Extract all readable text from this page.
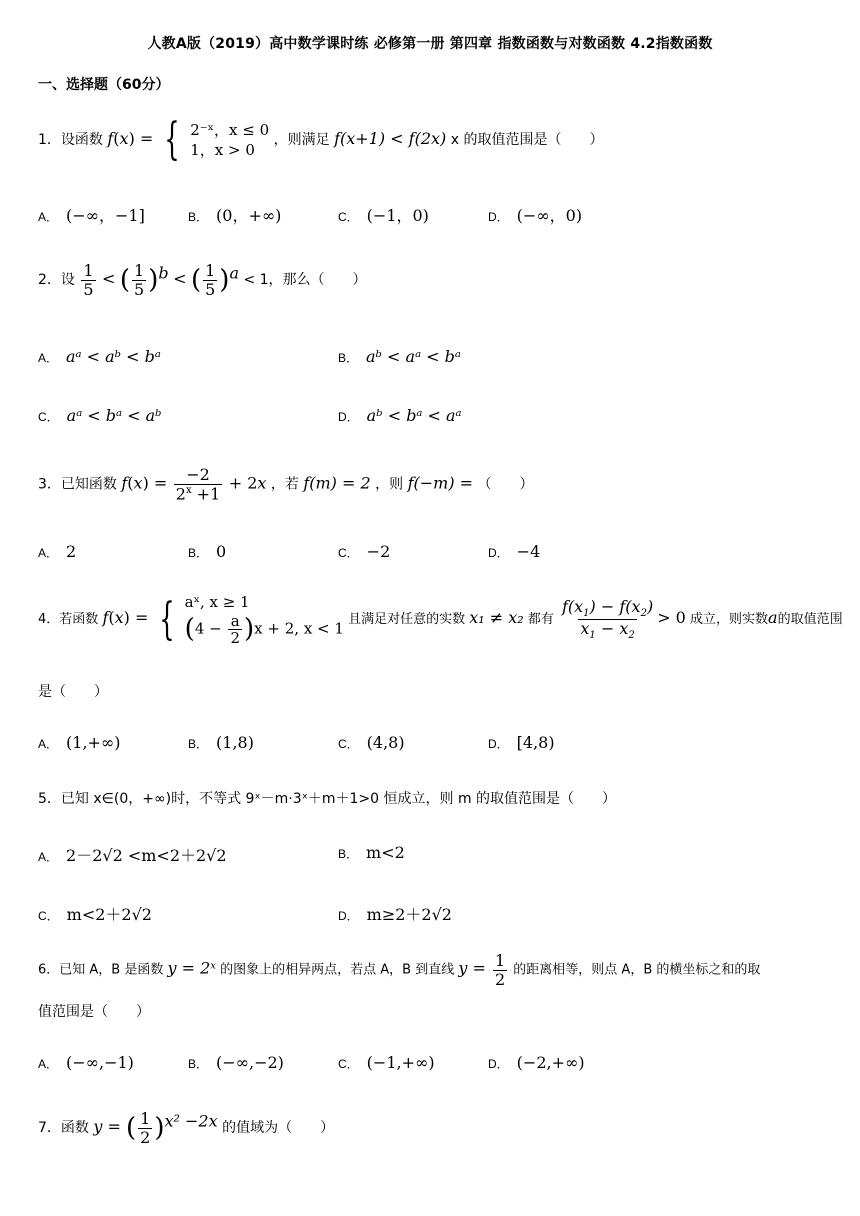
人教A版（2019）高中数学课时练 必修第一册 第四章 指数函数与对数函数 4.2指数函数
一、选择题（60分）
1．设函数 f(x) = { 2⁻ˣ，x ≤ 0
1，x > 0
，则满足 f(x+1) < f(2x) x 的取值范围是（　　）
A． (−∞，−1]	B． (0，+∞)	C． (−1，0)	D． (−∞，0)
2．设 $\frac{1}{5}$ < ( $\frac{1}{5} )^b$ < ( $\frac{1}{5} )^a < 1$，那么（　　）
A． aᵃ < aᵇ < bᵃ	B． aᵇ < aᵃ < bᵃ
C． aᵃ < bᵃ < aᵇ	D． aᵇ < bᵃ < aᵃ
3．已知函数 $f(x) = \frac{-2}{2^x +1} + 2x$ ，若 f(m) = 2 ，则 f(−m) = （　　）
A． 2	B． 0	C． −2	D． −4
4．若函数 f(x) = { aˣ, x ≥ 1
$(4 - \frac{a}{2} )x + 2$, x < 1
且满足对任意的实数 x₁ ≠ x₂ 都有 $\frac{f(x_1) - f(x_2)}{x_1 - x_2} > 0$ 成立，则实数a的取值范围
是（　　）
A． (1,+∞)	B． (1,8)	C． (4,8)	D． [4,8)
5．已知 x∈(0，+∞)时，不等式 9ˣ－m·3ˣ＋m＋1>0 恒成立，则 m 的取值范围是（　　）
A． 2－2√2 <m<2＋2√2	B． m<2
C． m<2＋2√2	D． m≥2＋2√2
6．已知 A，B 是函数 y = 2ˣ 的图象上的相异两点，若点 A，B 到直线 $y = \frac{1}{2}$ 的距离相等，则点 A，B 的横坐标之和的取
值范围是（　　）
A． (−∞,−1)	B． (−∞,−2)	C． (−1,+∞)	D． (−2,+∞)
7．函数 y = ( $\frac{1}{2} )^{x^2 -2x}$ 的值域为（　　）
